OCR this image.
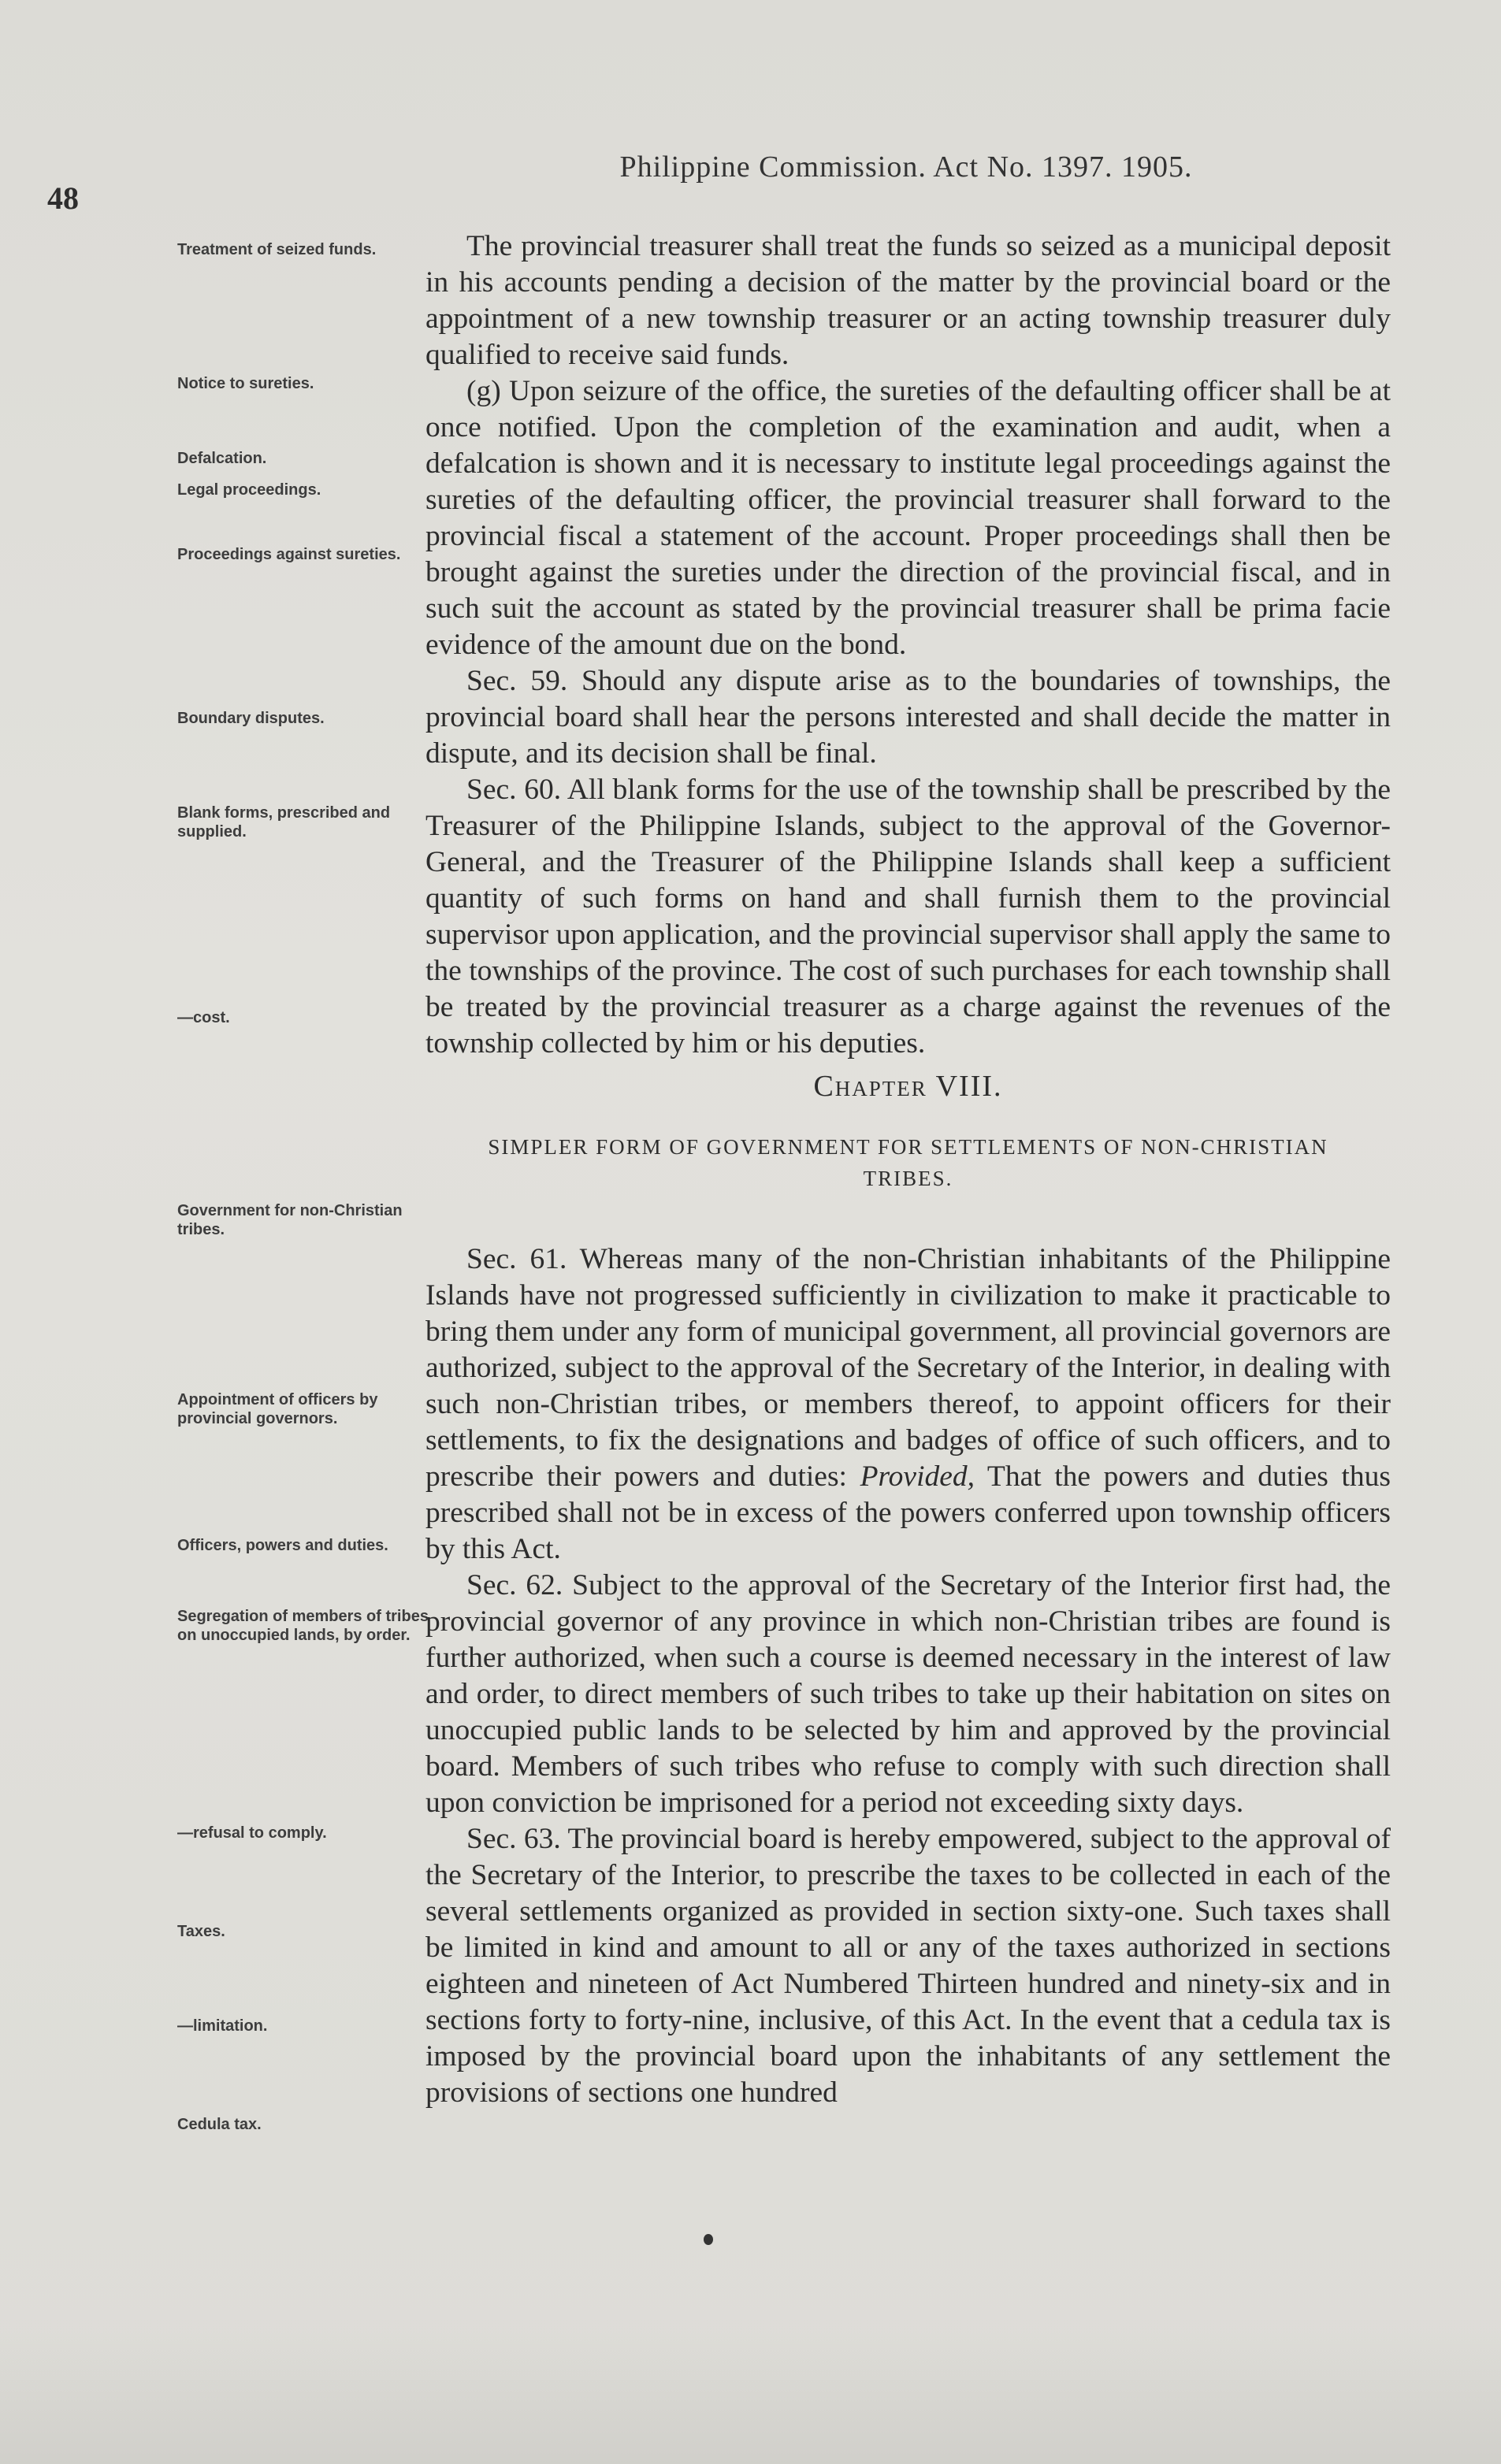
48
Philippine Commission. Act No. 1397. 1905.
Treatment of seized funds.
Notice to sureties.
Defalcation.
Legal proceedings.
Proceedings against sureties.
Boundary disputes.
Blank forms, prescribed and supplied.
—cost.
Government for non-Christian tribes.
Appointment of officers by provincial governors.
Officers, powers and duties.
Segregation of members of tribes on unoccupied lands, by order.
—refusal to comply.
Taxes.
—limitation.
Cedula tax.

The provincial treasurer shall treat the funds so seized as a municipal deposit in his accounts pending a decision of the matter by the provincial board or the appointment of a new township treasurer or an acting township treasurer duly qualified to receive said funds.

(g) Upon seizure of the office, the sureties of the defaulting officer shall be at once notified. Upon the completion of the examination and audit, when a defalcation is shown and it is necessary to institute legal proceedings against the sureties of the defaulting officer, the provincial treasurer shall forward to the provincial fiscal a statement of the account. Proper proceedings shall then be brought against the sureties under the direction of the provincial fiscal, and in such suit the account as stated by the provincial treasurer shall be prima facie evidence of the amount due on the bond.

Sec. 59. Should any dispute arise as to the boundaries of townships, the provincial board shall hear the persons interested and shall decide the matter in dispute, and its decision shall be final.

Sec. 60. All blank forms for the use of the township shall be prescribed by the Treasurer of the Philippine Islands, subject to the approval of the Governor-General, and the Treasurer of the Philippine Islands shall keep a sufficient quantity of such forms on hand and shall furnish them to the provincial supervisor upon application, and the provincial supervisor shall apply the same to the townships of the province. The cost of such purchases for each township shall be treated by the provincial treasurer as a charge against the revenues of the township collected by him or his deputies.

Chapter VIII.
SIMPLER FORM OF GOVERNMENT FOR SETTLEMENTS OF NON-CHRISTIAN TRIBES.

Sec. 61. Whereas many of the non-Christian inhabitants of the Philippine Islands have not progressed sufficiently in civilization to make it practicable to bring them under any form of municipal government, all provincial governors are authorized, subject to the approval of the Secretary of the Interior, in dealing with such non-Christian tribes, or members thereof, to appoint officers for their settlements, to fix the designations and badges of office of such officers, and to prescribe their powers and duties: Provided, That the powers and duties thus prescribed shall not be in excess of the powers conferred upon township officers by this Act.

Sec. 62. Subject to the approval of the Secretary of the Interior first had, the provincial governor of any province in which non-Christian tribes are found is further authorized, when such a course is deemed necessary in the interest of law and order, to direct members of such tribes to take up their habitation on sites on unoccupied public lands to be selected by him and approved by the provincial board. Members of such tribes who refuse to comply with such direction shall upon conviction be imprisoned for a period not exceeding sixty days.

Sec. 63. The provincial board is hereby empowered, subject to the approval of the Secretary of the Interior, to prescribe the taxes to be collected in each of the several settlements organized as provided in section sixty-one. Such taxes shall be limited in kind and amount to all or any of the taxes authorized in sections eighteen and nineteen of Act Numbered Thirteen hundred and ninety-six and in sections forty to forty-nine, inclusive, of this Act. In the event that a cedula tax is imposed by the provincial board upon the inhabitants of any settlement the provisions of sections one hundred
